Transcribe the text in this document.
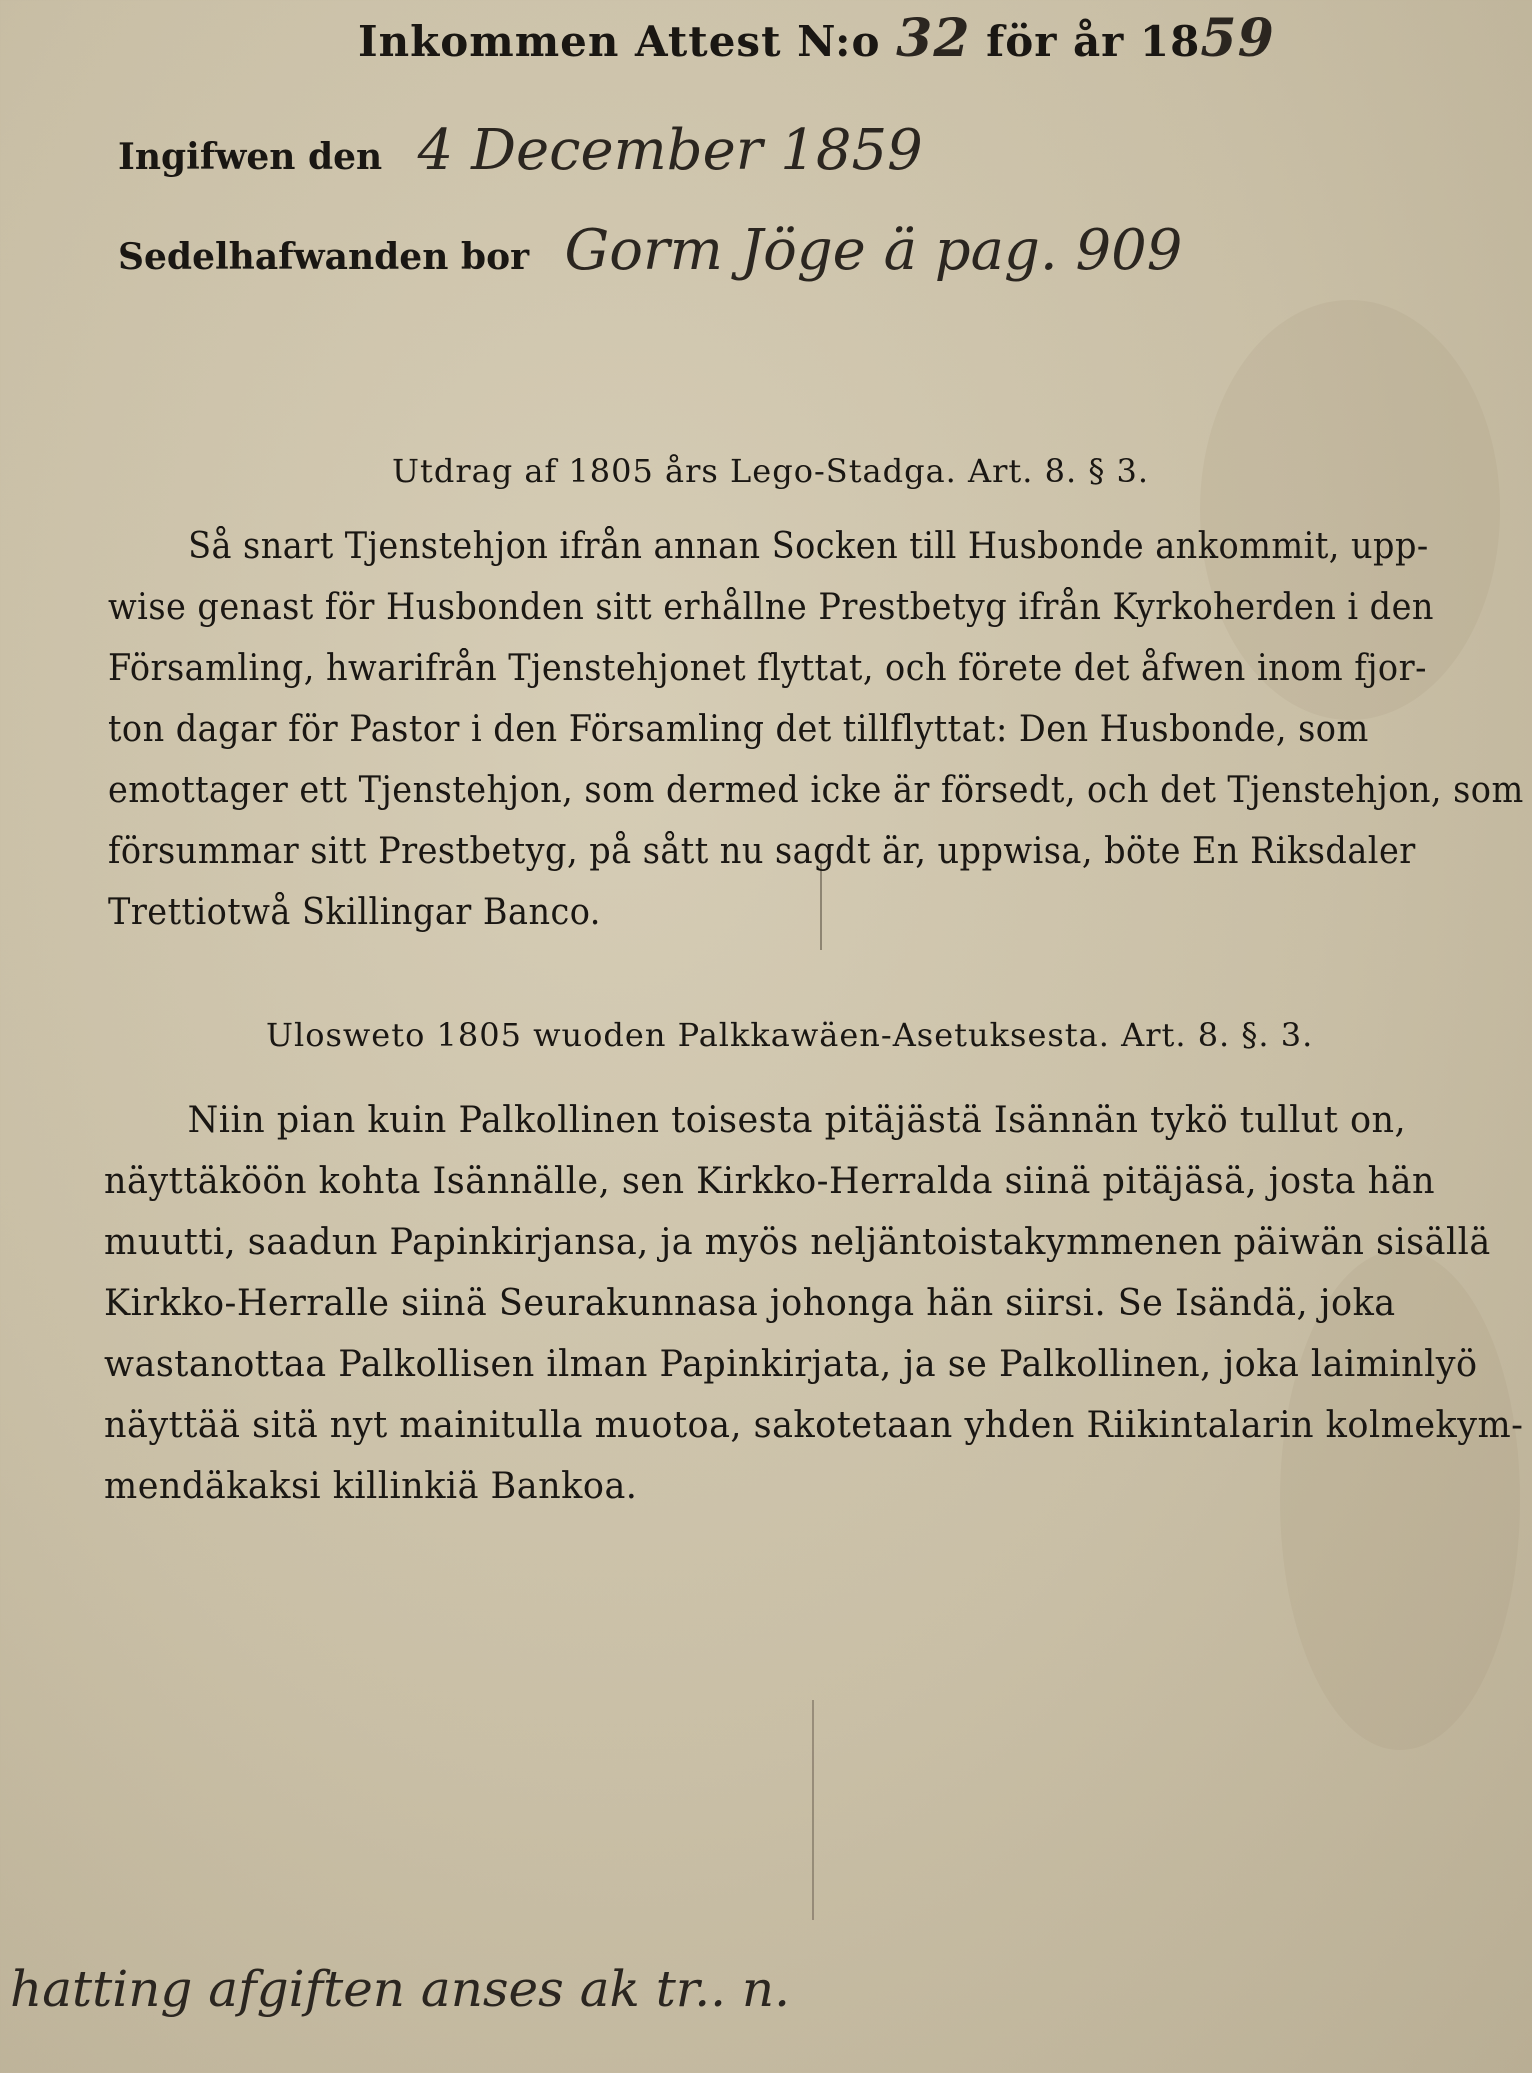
Inkommen Attest N:o 32 för år 1859
Ingifwen den 4 December 1859
Sedelhafwanden bor Gorm Jöge ä pag. 909
Utdrag af 1805 års Lego-Stadga. Art. 8. § 3.
Så snart Tjenstehjon ifrån annan Socken till Husbonde ankommit, upp-
wise genast för Husbonden sitt erhållne Prestbetyg ifrån Kyrkoherden i den
Församling, hwarifrån Tjenstehjonet flyttat, och förete det åfwen inom fjor-
ton dagar för Pastor i den Församling det tillflyttat: Den Husbonde, som
emottager ett Tjenstehjon, som dermed icke är försedt, och det Tjenstehjon, som
försummar sitt Prestbetyg, på sått nu sagdt är, uppwisa, böte En Riksdaler
Trettiotwå Skillingar Banco.
Ulosweto 1805 wuoden Palkkawäen-Asetuksesta. Art. 8. §. 3.
Niin pian kuin Palkollinen toisesta pitäjästä Isännän tykö tullut on,
näyttäköön kohta Isännälle, sen Kirkko-Herralda siinä pitäjäsä, josta hän
muutti, saadun Papinkirjansa, ja myös neljäntoistakymmenen päiwän sisällä
Kirkko-Herralle siinä Seurakunnasa johonga hän siirsi. Se Isändä, joka
wastanottaa Palkollisen ilman Papinkirjata, ja se Palkollinen, joka laiminlyö
näyttää sitä nyt mainitulla muotoa, sakotetaan yhden Riikintalarin kolmekym-
mendäkaksi killinkiä Bankoa.
hatting afgiften anses ak tr.. n.
